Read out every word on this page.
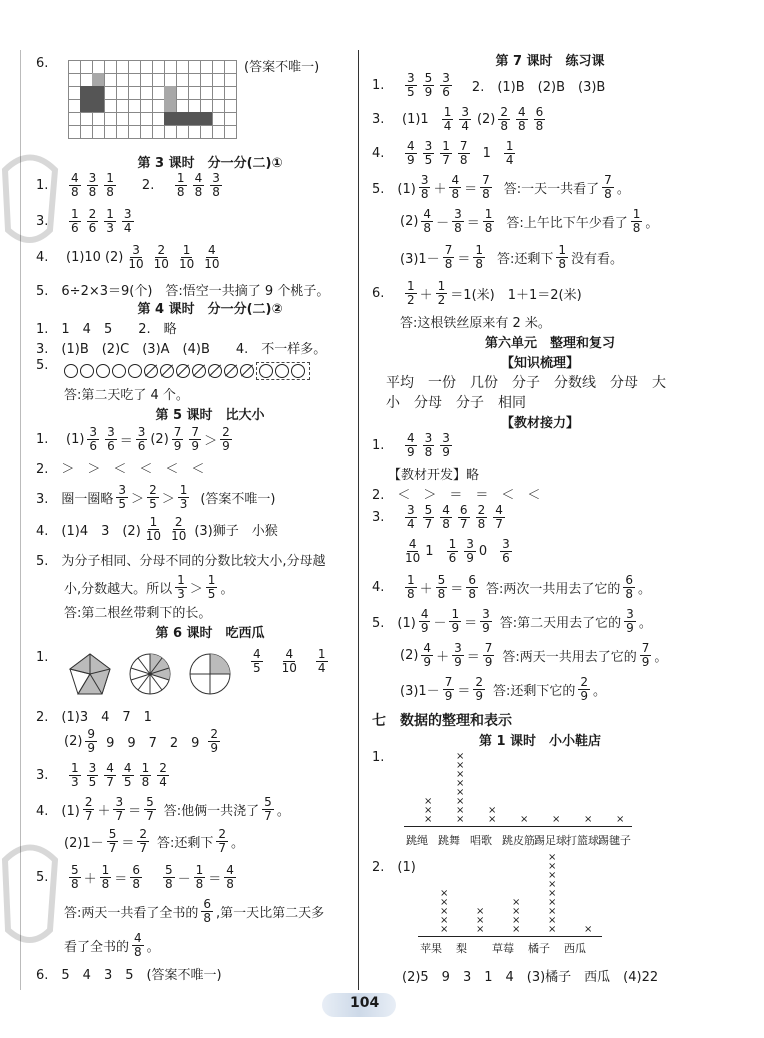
6.	(答案不唯一)
第 3 课时　分一分(二)①
1.	$\frac{4}{8} \frac{3}{8} \frac{1}{8} 2$.	$\frac{1}{8} \frac{4}{8} \frac{3}{8}$
3.	$\frac{1}{6} \frac{2}{6} \frac{1}{3} \frac{3}{4}$
4.	(1)10 $(2) \frac{3}{10} \frac{2}{10} \frac{1}{10} \frac{4}{10}$
5.　6÷2×3＝9(个)　答:悟空一共摘了 9 个桃子。
第 4 课时　分一分(二)②
1.　1　4　5　　2.　略
3.　(1)B　(2)C　(3)A　(4)B　　4.　不一样多。
5.
答:第二天吃了 4 个。
第 5 课时　比大小
1.	$(1) \frac{3}{6} \frac{3}{6} = \frac{3}{6} (2) \frac{7}{9} \frac{7}{9} > \frac{2}{9}$
2.　＞　＞　＜　＜　＜　＜
3.　圈一圈略 $\frac{3}{5} > \frac{2}{5} > \frac{1}{3}$ (答案不唯一)
4.　(1)4　3　$(2) \frac{1}{10} \frac{2}{10} (3)$狮子　小猴
5.　为分子相同、分母不同的分数比较大小,分母越
小,分数越大。所以 $\frac{1}{3} > \frac{1}{5}$ 。
答:第二根丝带剩下的长。
第 6 课时　吃西瓜
1.	$\frac{4}{5} \frac{4}{10} \frac{1}{4}$
2.　(1)3　4　7　1
$(2) \frac{9}{9} 9$　9　7　2　$9 \frac{2}{9}$
3.	$\frac{1}{3} \frac{3}{5} \frac{4}{7} \frac{4}{5} \frac{1}{8} \frac{2}{4}$
4.　$(1) \frac{2}{7} + \frac{3}{7} = \frac{5}{7}$ 答:他俩一共浇了 $\frac{5}{7}$ 。
$(2)1- \frac{5}{7} = \frac{2}{7}$ 答:还剩下 $\frac{2}{7}$ 。
5.	$\frac{5}{8} + \frac{1}{8} = \frac{6}{8} \frac{5}{8} - \frac{1}{8} = \frac{4}{8}$
答:两天一共看了全书的 $\frac{6}{8}$ ,第一天比第二天多
看了全书的 $\frac{4}{8}$ 。
6.　5　4　3　5　(答案不唯一)
第 7 课时　练习课
1.	$\frac{3}{5} \frac{5}{9} \frac{3}{6} 2$.　(1)B　(2)B　(3)B
3.	$(1)1 \frac{1}{4} \frac{3}{4} (2) \frac{2}{8} \frac{4}{8} \frac{6}{8}$
4.	$\frac{4}{9} \frac{3}{5} \frac{1}{7} \frac{7}{8} 1 \frac{1}{4}$
5.　$(1) \frac{3}{8} + \frac{4}{8} = \frac{7}{8}$ 答:一天一共看了 $\frac{7}{8}$ 。
$(2) \frac{4}{8} - \frac{3}{8} = \frac{1}{8}$ 答:上午比下午少看了 $\frac{1}{8}$ 。
$(3)1- \frac{7}{8} = \frac{1}{8}$ 答:还剩下 $\frac{1}{8}$ 没有看。
6.	$\frac{1}{2} + \frac{1}{2} =1$(米)　1＋1＝2(米)
答:这根铁丝原来有 2 米。
第六单元　整理和复习
【知识梳理】
平均　一份　几份　分子　分数线　分母　大
小　分母　分子　相同
【教材接力】
1.	$\frac{4}{9} \frac{3}{8} \frac{3}{9}$
【教材开发】略
2.　＜　＞　＝　＝　＜　＜
3.	$\frac{3}{4} \frac{5}{7} \frac{4}{8} \frac{6}{7} \frac{2}{8} \frac{4}{7}$
$\frac{4}{10} 1 \frac{1}{6} \frac{3}{9} 0 \frac{3}{6}$
4.	$\frac{1}{8} + \frac{5}{8} = \frac{6}{8}$ 答:两次一共用去了它的 $\frac{6}{8}$ 。
5.　$(1) \frac{4}{9} - \frac{1}{9} = \frac{3}{9}$ 答:第二天用去了它的 $\frac{3}{9}$ 。
$(2) \frac{4}{9} + \frac{3}{9} = \frac{7}{9}$ 答:两天一共用去了它的 $\frac{7}{9}$ 。
$(3)1- \frac{7}{9} = \frac{2}{9}$ 答:还剩下它的 $\frac{2}{9}$ 。
七　数据的整理和表示
第 1 课时　小小鞋店
1.
2.　(1)
(2)5　9　3　1　4　(3)橘子　西瓜　(4)22
104
×
×
×
跳绳
×
×
×
×
×
×
×
×
跳舞
×
×
唱歌
×
跳皮筋
×
踢足球
×
打篮球
×
踢毽子
×
×
×
×
×
苹果
×
×
×
梨
×
×
×
×
草莓
×
×
×
×
×
×
×
×
×
橘子
×
西瓜
